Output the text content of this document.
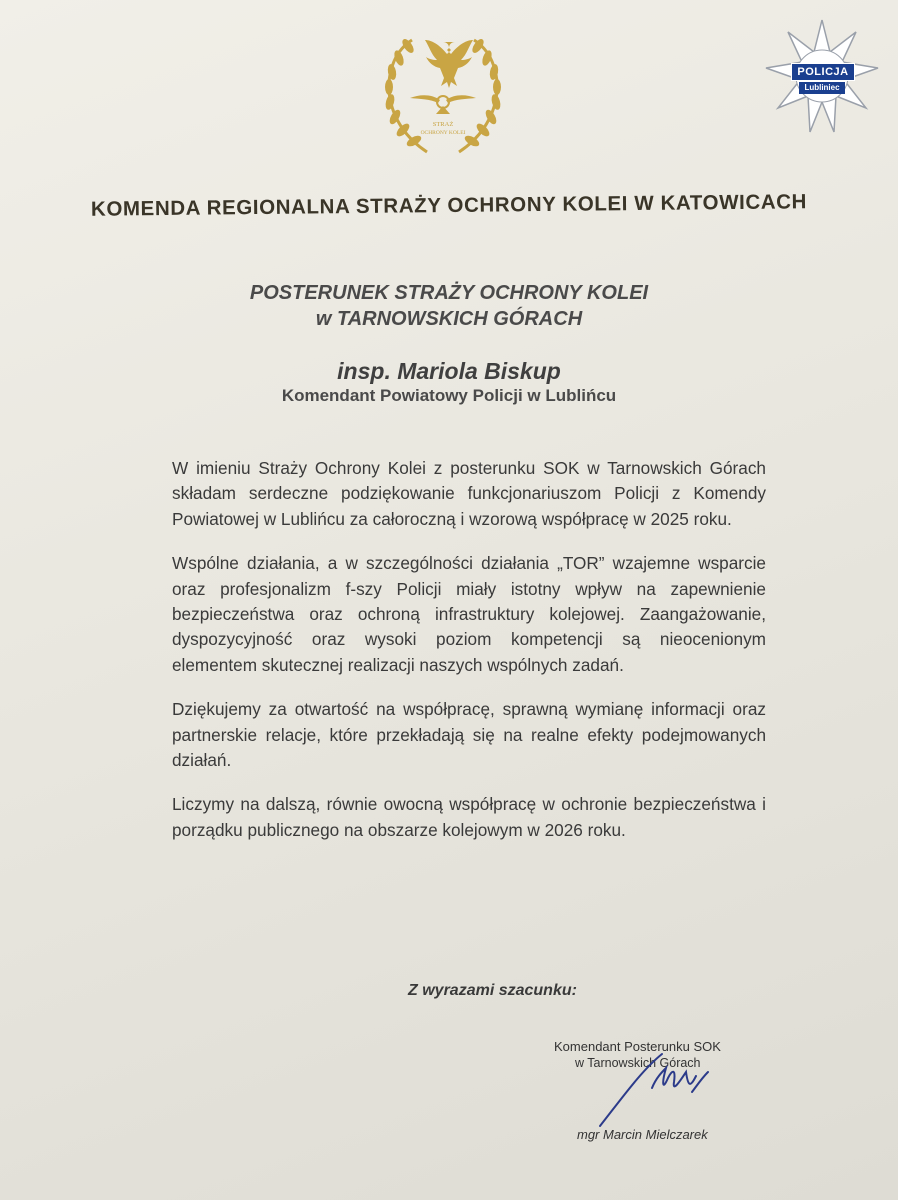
STRAŻ
OCHRONY KOLEI
POLICJA
Lubliniec
KOMENDA REGIONALNA STRAŻY OCHRONY KOLEI W KATOWICACH
POSTERUNEK STRAŻY OCHRONY KOLEI
w TARNOWSKICH GÓRACH
insp. Mariola Biskup
Komendant Powiatowy Policji w Lublińcu

W imieniu Straży Ochrony Kolei z posterunku SOK w Tarnowskich Górach składam serdeczne podziękowanie funkcjonariuszom Policji z Komendy Powiatowej w Lublińcu za całoroczną i wzorową współpracę w 2025 roku.

Wspólne działania, a w szczególności działania „TOR” wzajemne wsparcie oraz profesjonalizm f-szy Policji miały istotny wpływ na zapewnienie bezpieczeństwa oraz ochroną infrastruktury kolejowej. Zaangażowanie, dyspozycyjność oraz wysoki poziom kompetencji są nieocenionym elementem skutecznej realizacji naszych wspólnych zadań.

Dziękujemy za otwartość na współpracę, sprawną wymianę informacji oraz partnerskie relacje, które przekładają się na realne efekty podejmowanych działań.

Liczymy na dalszą, równie owocną współpracę w ochronie bezpieczeństwa i porządku publicznego na obszarze kolejowym w 2026 roku.

Z wyrazami szacunku:
Komendant Posterunku SOK
w Tarnowskich Górach
mgr Marcin Mielczarek
